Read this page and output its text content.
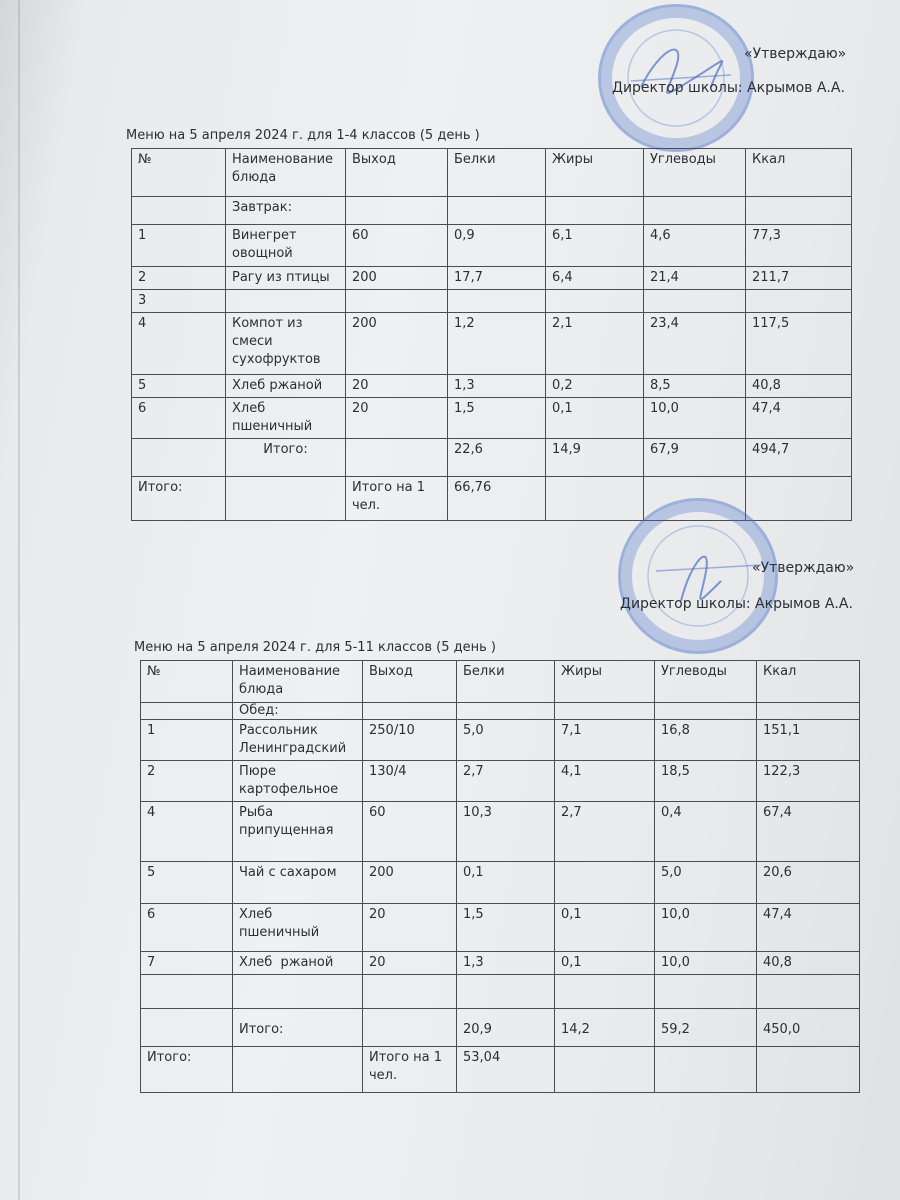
«Утверждаю»
Директор школы: Акрымов А.А.
Меню на 5 апреля 2024 г. для 1-4 классов (5 день )
№	Наименование блюда	Выход	Белки	Жиры	Углеводы	Ккал
	Завтрак:					
1	Винегрет овощной	60	0,9	6,1	4,6	77,3
2	Рагу из птицы	200	17,7	6,4	21,4	211,7
3						
4	Компот из смеси сухофруктов	200	1,2	2,1	23,4	117,5
5	Хлеб ржаной	20	1,3	0,2	8,5	40,8
6	Хлеб пшеничный	20	1,5	0,1	10,0	47,4
	Итого:		22,6	14,9	67,9	494,7
Итого:		Итого на 1 чел.	66,76			
«Утверждаю»
Директор школы: Акрымов А.А.
Меню на 5 апреля 2024 г. для 5-11 классов (5 день )
№	Наименование блюда	Выход	Белки	Жиры	Углеводы	Ккал
	Обед:					
1	Рассольник Ленинградский	250/10	5,0	7,1	16,8	151,1
2	Пюре картофельное	130/4	2,7	4,1	18,5	122,3
4	Рыба припущенная	60	10,3	2,7	0,4	67,4
5	Чай с сахаром	200	0,1		5,0	20,6
6	Хлеб пшеничный	20	1,5	0,1	10,0	47,4
7	Хлеб  ржаной	20	1,3	0,1	10,0	40,8

	Итого:		20,9	14,2	59,2	450,0
Итого:		Итого на 1 чел.	53,04			
